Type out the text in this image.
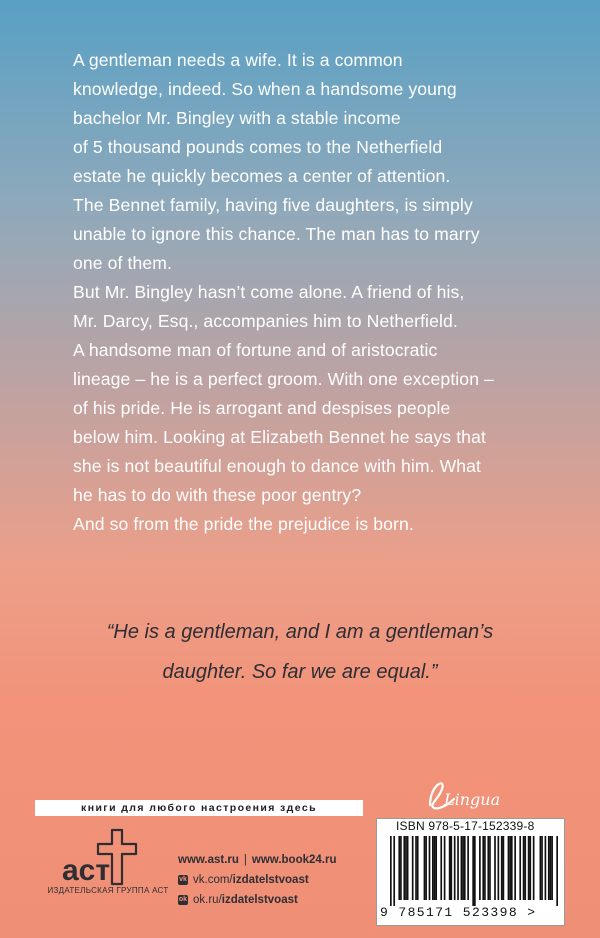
A gentleman needs a wife. It is a common
knowledge, indeed. So when a handsome young
bachelor Mr. Bingley with a stable income
of 5 thousand pounds comes to the Netherfield
estate he quickly becomes a center of attention.
The Bennet family, having five daughters, is simply
unable to ignore this chance. The man has to marry
one of them.
But Mr. Bingley hasn’t come alone. A friend of his,
Mr. Darcy, Esq., accompanies him to Netherfield.
A handsome man of fortune and of aristocratic
lineage – he is a perfect groom. With one exception –
of his pride. He is arrogant and despises people
below him. Looking at Elizabeth Bennet he says that
she is not beautiful enough to dance with him. What
he has to do with these poor gentry?
And so from the pride the prejudice is born.
“He is a gentleman, and I am a gentleman’s
daughter. So far we are equal.”
Lingua
книги для любого настроения здесь
аст
ИЗДАТЕЛЬСКАЯ ГРУППА АСТ
www.ast.ru | www.book24.ru
vk vk.com/ izdatelstvoast
ok ok.ru/ izdatelstvoast
ISBN 978-5-17-152339-8
9 785171 523398 >
